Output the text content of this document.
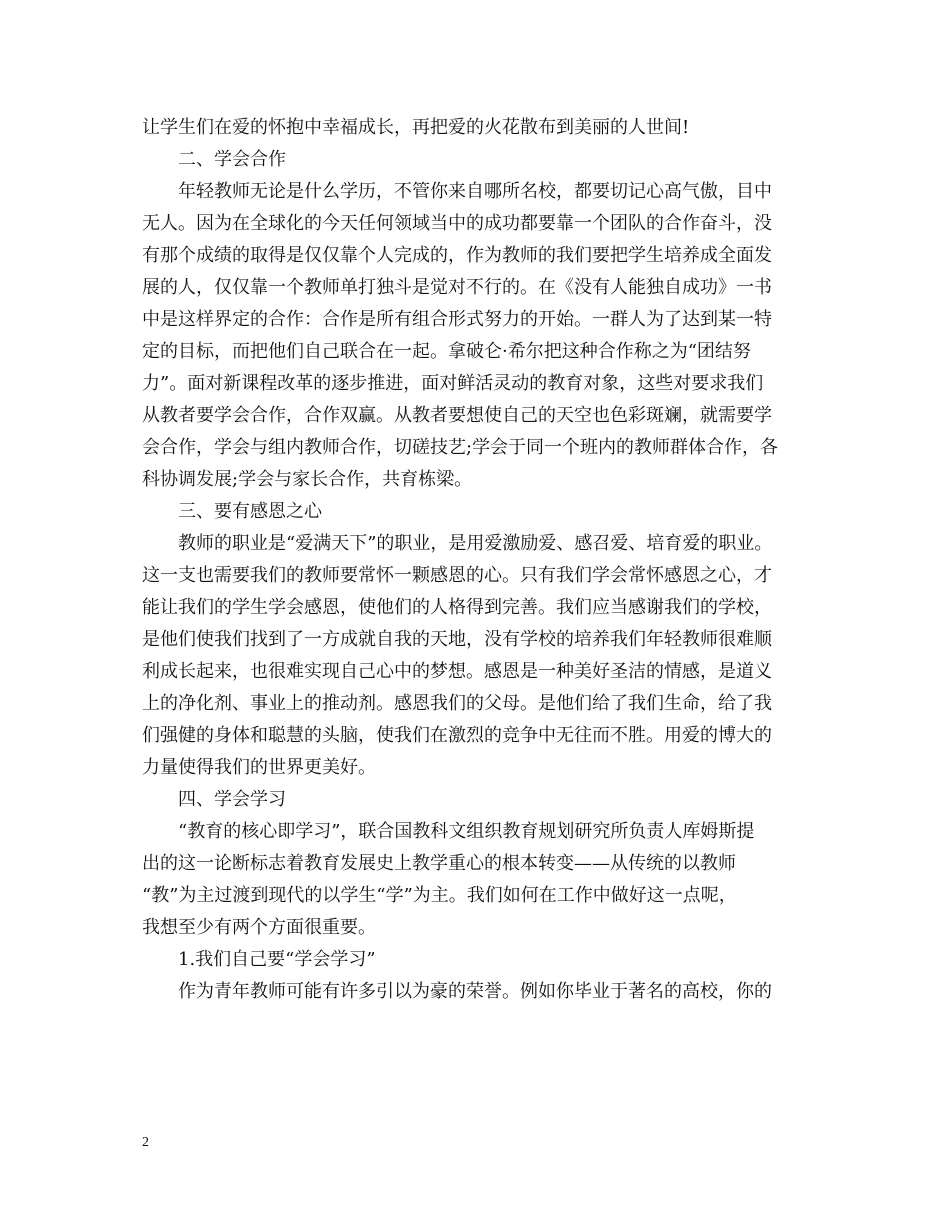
让学生们在爱的怀抱中幸福成长，再把爱的火花散布到美丽的人世间!
二、学会合作
年轻教师无论是什么学历，不管你来自哪所名校，都要切记心高气傲，目中
无人。因为在全球化的今天任何领域当中的成功都要靠一个团队的合作奋斗，没
有那个成绩的取得是仅仅靠个人完成的，作为教师的我们要把学生培养成全面发
展的人，仅仅靠一个教师单打独斗是觉对不行的。在《没有人能独自成功》一书
中是这样界定的合作：合作是所有组合形式努力的开始。一群人为了达到某一特
定的目标，而把他们自己联合在一起。拿破仑·希尔把这种合作称之为“团结努
力”。面对新课程改革的逐步推进，面对鲜活灵动的教育对象，这些对要求我们
从教者要学会合作，合作双赢。从教者要想使自己的天空也色彩斑斓，就需要学
会合作，学会与组内教师合作，切磋技艺;学会于同一个班内的教师群体合作，各
科协调发展;学会与家长合作，共育栋梁。
三、要有感恩之心
教师的职业是“爱满天下”的职业，是用爱激励爱、感召爱、培育爱的职业。
这一支也需要我们的教师要常怀一颗感恩的心。只有我们学会常怀感恩之心，才
能让我们的学生学会感恩，使他们的人格得到完善。我们应当感谢我们的学校，
是他们使我们找到了一方成就自我的天地，没有学校的培养我们年轻教师很难顺
利成长起来，也很难实现自己心中的梦想。感恩是一种美好圣洁的情感，是道义
上的净化剂、事业上的推动剂。感恩我们的父母。是他们给了我们生命，给了我
们强健的身体和聪慧的头脑，使我们在激烈的竞争中无往而不胜。用爱的博大的
力量使得我们的世界更美好。
四、学会学习
“教育的核心即学习”，联合国教科文组织教育规划研究所负责人库姆斯提
出的这一论断标志着教育发展史上教学重心的根本转变——从传统的以教师
“教”为主过渡到现代的以学生“学”为主。我们如何在工作中做好这一点呢，
我想至少有两个方面很重要。
1.我们自己要“学会学习”
作为青年教师可能有许多引以为豪的荣誉。例如你毕业于著名的高校，你的
2
